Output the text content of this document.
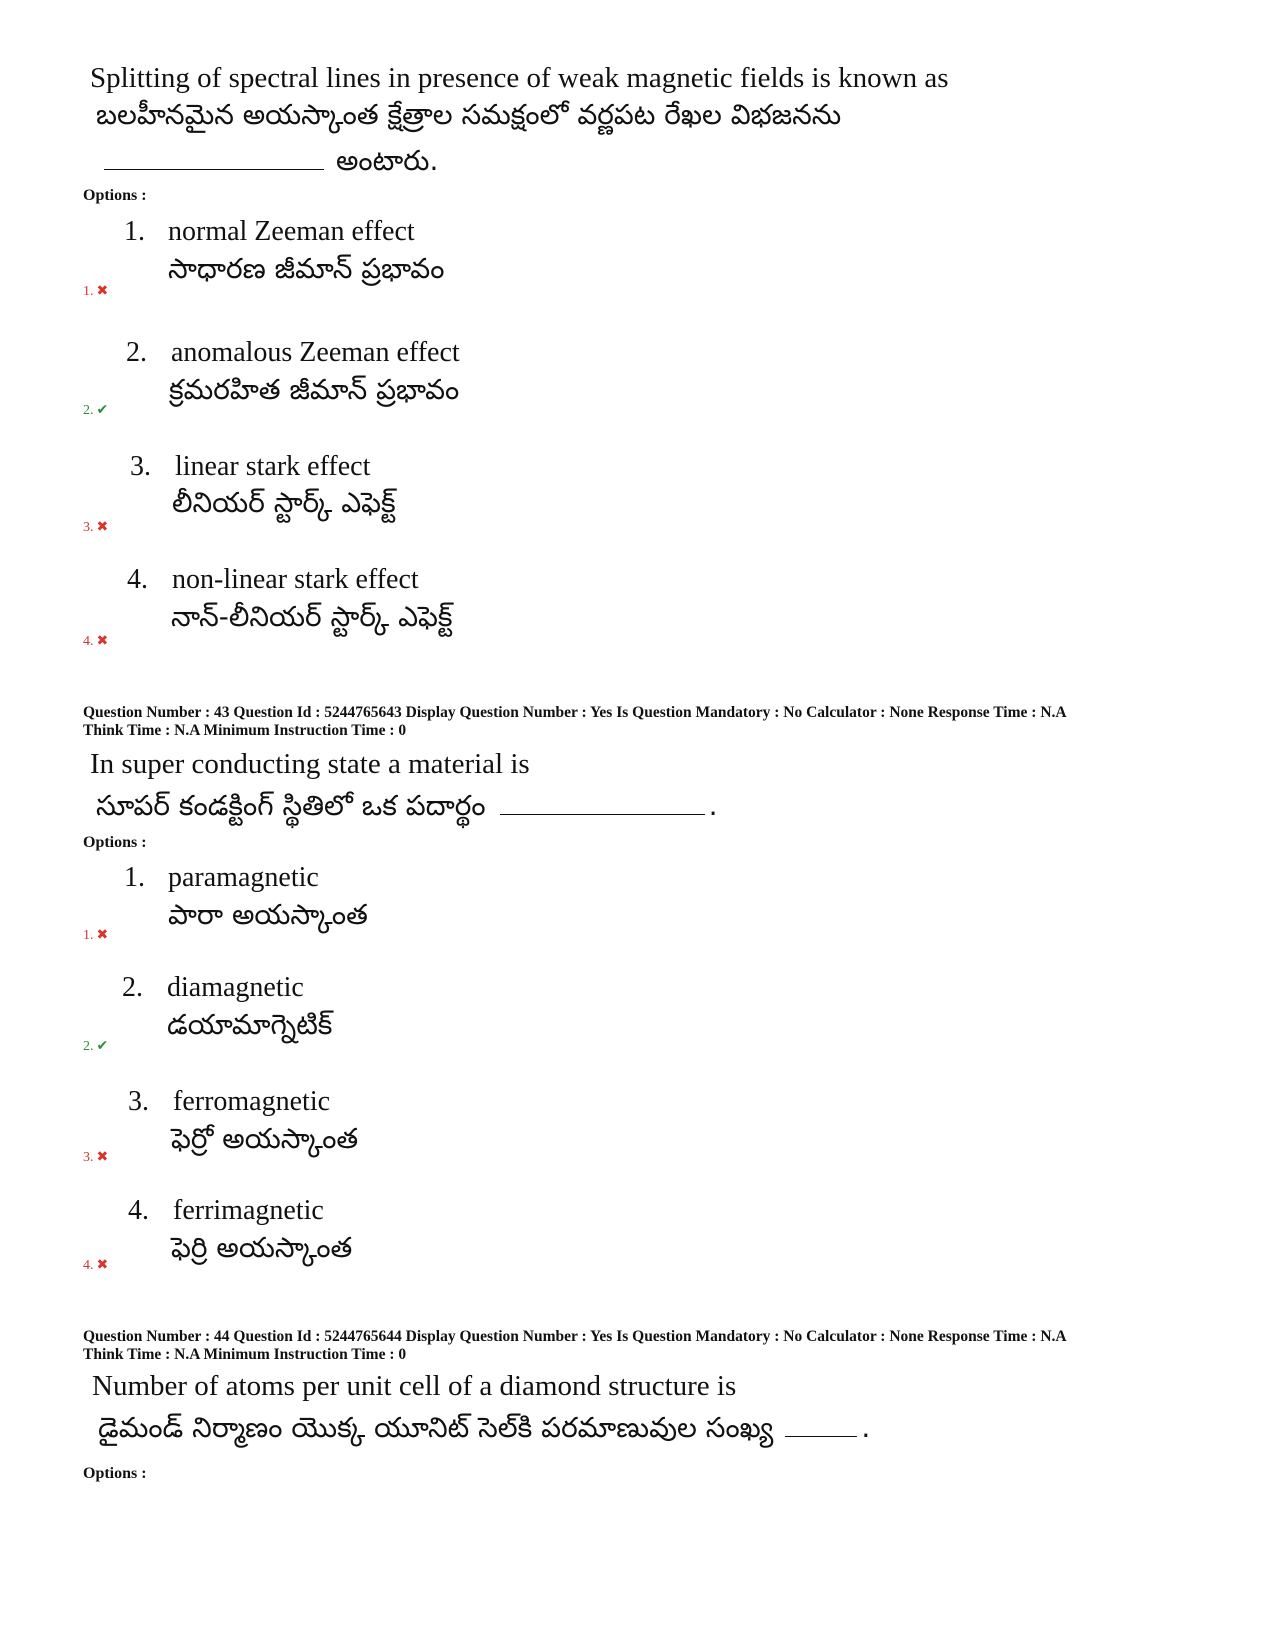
Splitting of spectral lines in presence of weak magnetic fields is known as
బలహీనమైన అయస్కాంత క్షేత్రాల సమక్షంలో వర్ణపట రేఖల విభజనను
అంటారు.
Options :
1. normal Zeeman effect
సాధారణ జీమాన్ ప్రభావం
1. ✖
2. anomalous Zeeman effect
క్రమరహిత జీమాన్ ప్రభావం
2. ✔
3. linear stark effect
లీనియర్ స్టార్క్ ఎఫెక్ట్
3. ✖
4. non-linear stark effect
నాన్-లీనియర్ స్టార్క్ ఎఫెక్ట్
4. ✖
Question Number : 43 Question Id : 5244765643 Display Question Number : Yes Is Question Mandatory : No Calculator : None Response Time : N.A
Think Time : N.A Minimum Instruction Time : 0
In super conducting state a material is
సూపర్ కండక్టింగ్ స్థితిలో ఒక పదార్థం	.
Options :
1. paramagnetic
పారా అయస్కాంత
1. ✖
2. diamagnetic
డయామాగ్నెటిక్
2. ✔
3. ferromagnetic
ఫెర్రో అయస్కాంత
3. ✖
4. ferrimagnetic
ఫెర్రి అయస్కాంత
4. ✖
Question Number : 44 Question Id : 5244765644 Display Question Number : Yes Is Question Mandatory : No Calculator : None Response Time : N.A
Think Time : N.A Minimum Instruction Time : 0
Number of atoms per unit cell of a diamond structure is
డైమండ్ నిర్మాణం యొక్క యూనిట్ సెల్‌కి పరమాణువుల సంఖ్య	.
Options :
